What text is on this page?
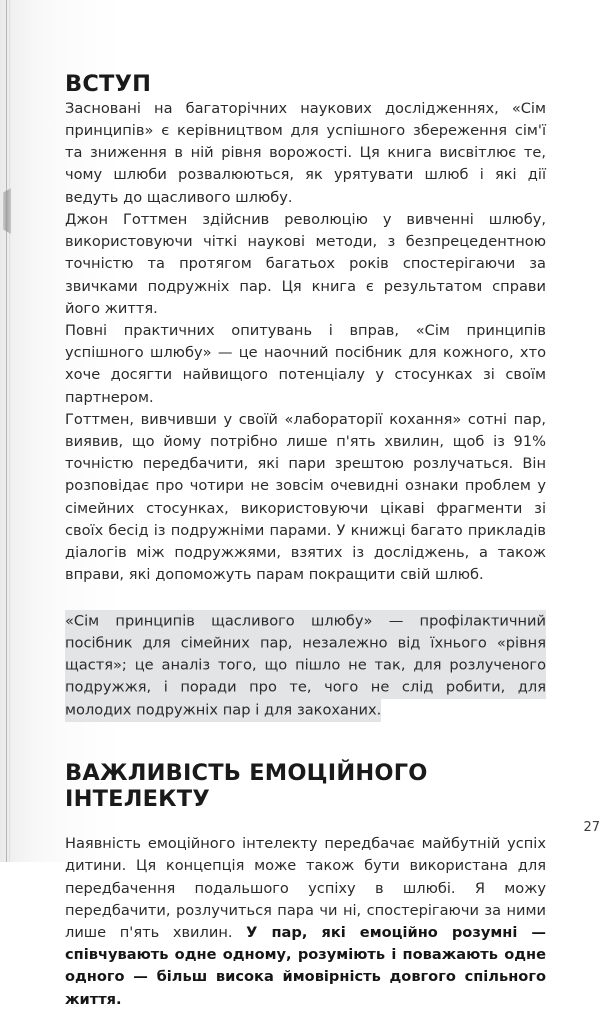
ВСТУП

Засновані на багаторічних наукових дослідженнях, «Сім принципів» є керівництвом для успішного збереження сім'ї та зниження в ній рівня ворожості. Ця книга висвітлює те, чому шлюби розвалюються, як урятувати шлюб і які дії ведуть до щасливого шлюбу.

Джон Готтмен здійснив революцію у вивченні шлюбу, використовуючи чіткі наукові методи, з безпрецедентною точністю та протягом багатьох років спостерігаючи за звичками подружніх пар. Ця книга є результатом справи його життя.

Повні практичних опитувань і вправ, «Сім принципів успішного шлюбу» — це наочний посібник для кожного, хто хоче досягти найвищого потенціалу у стосунках зі своїм партнером.

Готтмен, вивчивши у своїй «лабораторії кохання» сотні пар, виявив, що йому потрібно лише п'ять хвилин, щоб із 91% точністю передбачити, які пари зрештою розлучаться. Він розповідає про чотири не зовсім очевидні ознаки проблем у сімейних стосунках, використовуючи цікаві фрагменти зі своїх бесід із подружніми парами. У книжці багато прикладів діалогів між подружжями, взятих із досліджень, а також вправи, які допоможуть парам покращити свій шлюб.

«Сім принципів щасливого шлюбу» — профілактичний посібник для сімейних пар, незалежно від їхнього «рівня щастя»; це аналіз того, що пішло не так, для розлученого подружжя, і поради про те, чого не слід робити, для молодих подружніх пар і для закоханих.

ВАЖЛИВІСТЬ ЕМОЦІЙНОГО ІНТЕЛЕКТУ

Наявність емоційного інтелекту передбачає майбутній успіх дитини. Ця концепція може також бути використана для передбачення подальшого успіху в шлюбі. Я можу передбачити, розлучиться пара чи ні, спостерігаючи за ними лише п'ять хвилин. У пар, які емоційно розумні — співчувають одне одному, розуміють і поважають одне одного — більш висока ймовірність довгого спільного життя.

27
